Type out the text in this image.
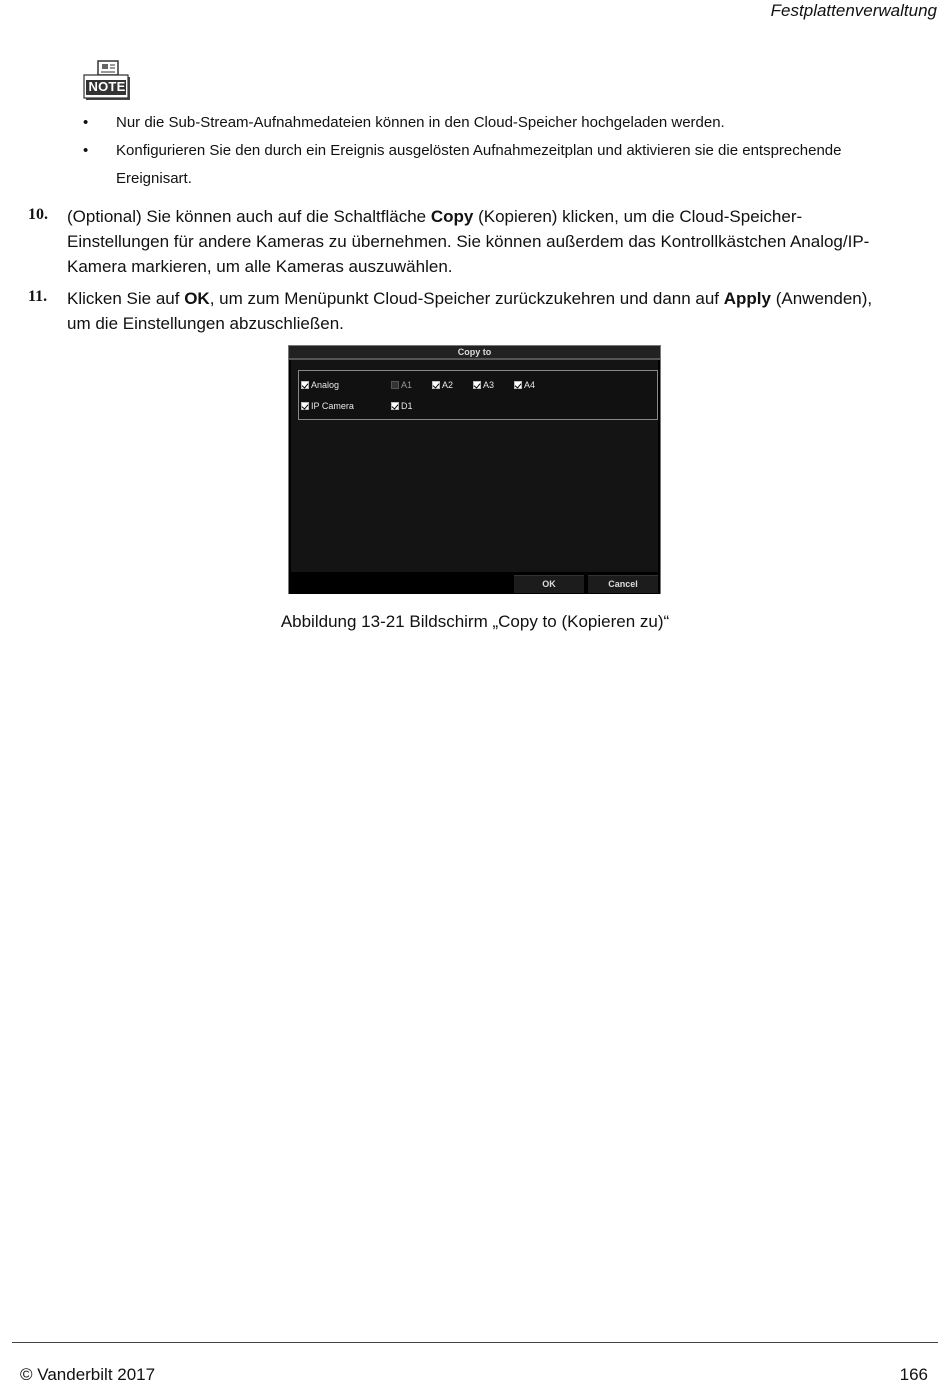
Festplattenverwaltung
NOTE
• Nur die Sub-Stream-Aufnahmedateien können in den Cloud-Speicher hochgeladen werden.
• Konfigurieren Sie den durch ein Ereignis ausgelösten Aufnahmezeitplan und aktivieren sie die entsprechende
Ereignisart.
10. (Optional) Sie können auch auf die Schaltfläche Copy (Kopieren) klicken, um die Cloud-Speicher-
Einstellungen für andere Kameras zu übernehmen. Sie können außerdem das Kontrollkästchen Analog/IP-
Kamera markieren, um alle Kameras auszuwählen.
11. Klicken Sie auf OK, um zum Menüpunkt Cloud-Speicher zurückzukehren und dann auf Apply (Anwenden),
um die Einstellungen abzuschließen.
Copy to
Analog	A1	A2	A3	A4
IP Camera	D1
OK	Cancel
Abbildung 13-21 Bildschirm „Copy to (Kopieren zu)“
© Vanderbilt 2017	166
